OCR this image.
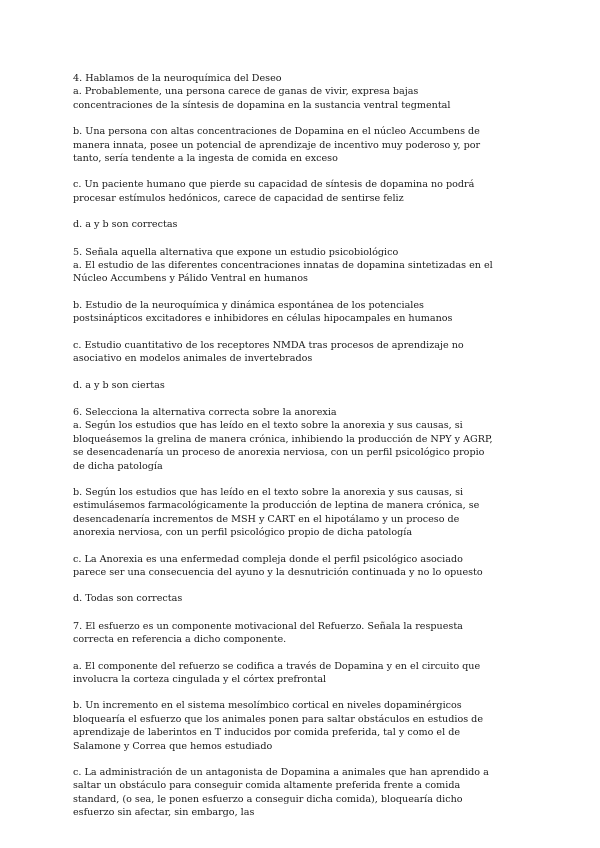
4. Hablamos de la neuroquímica del Deseo

a. Probablemente, una persona carece de ganas de vivir, expresa bajas concentraciones de la síntesis de dopamina en la sustancia ventral tegmental

b. Una persona con altas concentraciones de Dopamina en el núcleo Accumbens de manera innata, posee un potencial de aprendizaje de incentivo muy poderoso y, por tanto, sería tendente a la ingesta de comida en exceso

c. Un paciente humano que pierde su capacidad de síntesis de dopamina no podrá procesar estímulos hedónicos, carece de capacidad de sentirse feliz

d. a y b son correctas

5. Señala aquella alternativa que expone un estudio psicobiológico

a. El estudio de las diferentes concentraciones innatas de dopamina sintetizadas en el Núcleo Accumbens y Pálido Ventral en humanos

b. Estudio de la neuroquímica y dinámica espontánea de los potenciales postsinápticos excitadores e inhibidores en células hipocampales en humanos

c. Estudio cuantitativo de los receptores NMDA tras procesos de aprendizaje no asociativo en modelos animales de invertebrados

d. a y b son ciertas

6. Selecciona la alternativa correcta sobre la anorexia

a. Según los estudios que has leído en el texto sobre la anorexia y sus causas, si bloqueásemos la grelina de manera crónica, inhibiendo la producción de NPY y AGRP, se desencadenaría un proceso de anorexia nerviosa, con un perfil psicológico propio de dicha patología

b. Según los estudios que has leído en el texto sobre la anorexia y sus causas, si estimulásemos farmacológicamente la producción de leptina de manera crónica, se desencadenaría incrementos de MSH y CART en el hipotálamo y un proceso de anorexia nerviosa, con un perfil psicológico propio de dicha patología

c. La Anorexia es una enfermedad compleja donde el perfil psicológico asociado parece ser una consecuencia del ayuno y la desnutrición continuada y no lo opuesto

d. Todas son correctas

7. El esfuerzo es un componente motivacional del Refuerzo. Señala la respuesta correcta en referencia a dicho componente.

a. El componente del refuerzo se codifica a través de Dopamina y en el circuito que involucra la corteza cingulada y el córtex prefrontal

b. Un incremento en el sistema mesolímbico cortical en niveles dopaminérgicos bloquearía el esfuerzo que los animales ponen para saltar obstáculos en estudios de aprendizaje de laberintos en T inducidos por comida preferida, tal y como el de Salamone y Correa que hemos estudiado

c. La administración de un antagonista de Dopamina a animales que han aprendido a saltar un obstáculo para conseguir comida altamente preferida frente a comida standard, (o sea, le ponen esfuerzo a conseguir dicha comida), bloquearía dicho esfuerzo sin afectar, sin embargo, las
